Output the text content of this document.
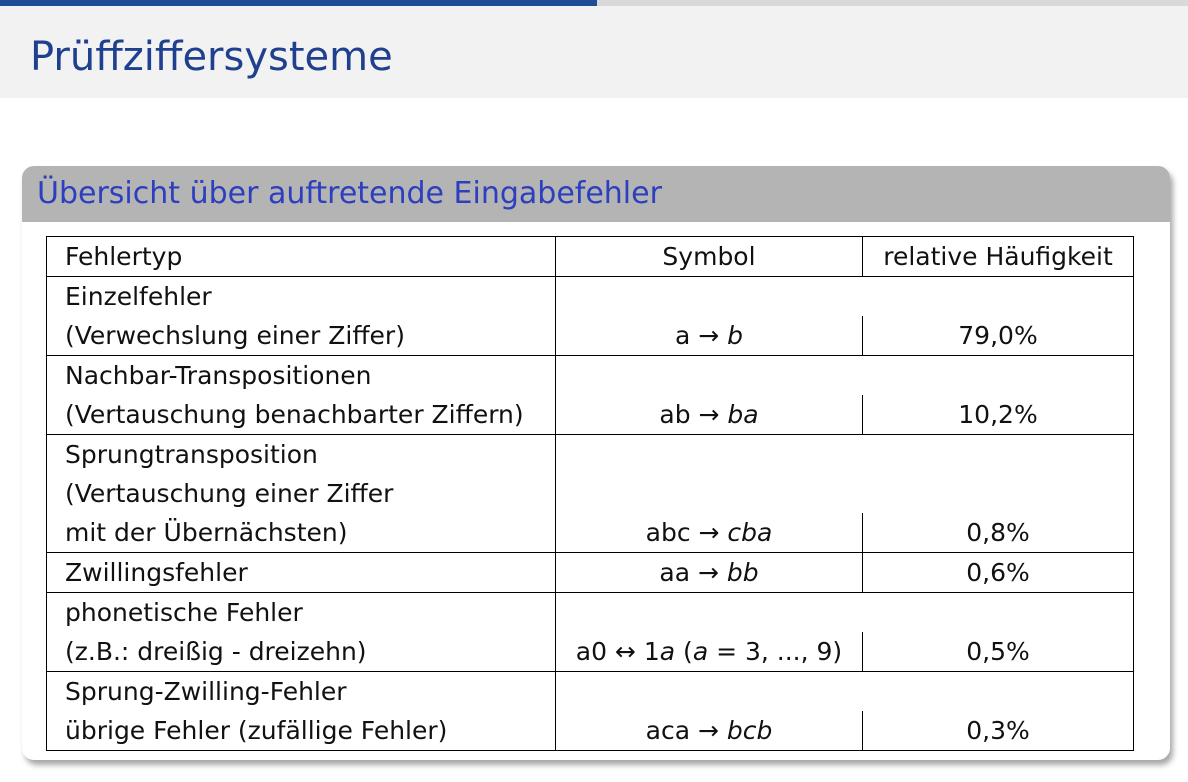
Prüffziffersysteme
Übersicht über auftretende Eingabefehler
Fehlertyp	Symbol	relative Häufigkeit
Einzelfehler		
(Verwechslung einer Ziffer)	a → b	79,0%
Nachbar-Transpositionen		
(Vertauschung benachbarter Ziffern)	ab → ba	10,2%
Sprungtransposition		
(Vertauschung einer Ziffer		
mit der Übernächsten)	abc → cba	0,8%
Zwillingsfehler	aa → bb	0,6%
phonetische Fehler		
(z.B.: dreißig - dreizehn)	a0 ↔ 1a (a = 3, ..., 9)	0,5%
Sprung-Zwilling-Fehler		
übrige Fehler (zufällige Fehler)	aca → bcb	0,3%
